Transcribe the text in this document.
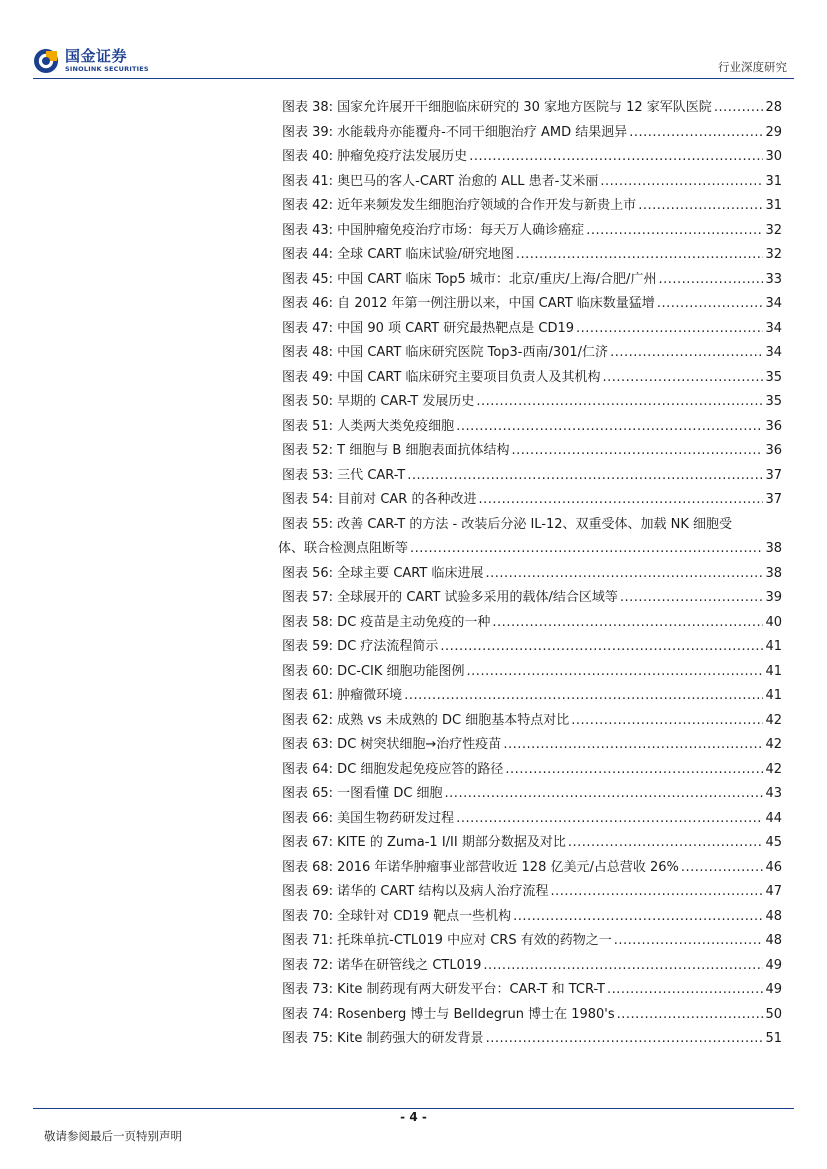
国金证券
SINOLINK SECURITIES	行业深度研究
图表 38: 国家允许展开干细胞临床研究的 30 家地方医院与 12 家军队医院 .....	28
图表 39: 水能载舟亦能覆舟-不同干细胞治疗 AMD 结果迥异 .....	29
图表 40: 肿瘤免疫疗法发展历史 .....	30
图表 41: 奥巴马的客人-CART 治愈的 ALL 患者-艾米丽 .....	31
图表 42: 近年来频发发生细胞治疗领域的合作开发与新贵上市 .....	31
图表 43: 中国肿瘤免疫治疗市场：每天万人确诊癌症 .....	32
图表 44: 全球 CART 临床试验/研究地图 .....	32
图表 45: 中国 CART 临床 Top5 城市：北京/重庆/上海/合肥/广州 .....	33
图表 46: 自 2012 年第一例注册以来，中国 CART 临床数量猛增 .....	34
图表 47: 中国 90 项 CART 研究最热靶点是 CD19 .....	34
图表 48: 中国 CART 临床研究医院 Top3-西南/301/仁济 .....	34
图表 49: 中国 CART 临床研究主要项目负责人及其机构 .....	35
图表 50: 早期的 CAR-T 发展历史 .....	35
图表 51: 人类两大类免疫细胞 .....	36
图表 52: T 细胞与 B 细胞表面抗体结构 .....	36
图表 53: 三代 CAR-T .....	37
图表 54: 目前对 CAR 的各种改进 .....	37
图表 55: 改善 CAR-T 的方法 - 改装后分泌 IL-12、双重受体、加载 NK 细胞受
体、联合检测点阻断等 .....	38
图表 56: 全球主要 CART 临床进展 .....	38
图表 57: 全球展开的 CART 试验多采用的载体/结合区域等 .....	39
图表 58: DC 疫苗是主动免疫的一种 .....	40
图表 59: DC 疗法流程简示 .....	41
图表 60: DC-CIK 细胞功能图例 .....	41
图表 61: 肿瘤微环境 .....	41
图表 62: 成熟 vs 未成熟的 DC 细胞基本特点对比 .....	42
图表 63: DC 树突状细胞→治疗性疫苗 .....	42
图表 64: DC 细胞发起免疫应答的路径 .....	42
图表 65: 一图看懂 DC 细胞 .....	43
图表 66: 美国生物药研发过程 .....	44
图表 67: KITE 的 Zuma-1 I/II 期部分数据及对比 .....	45
图表 68: 2016 年诺华肿瘤事业部营收近 128 亿美元/占总营收 26% .....	46
图表 69: 诺华的 CART 结构以及病人治疗流程 .....	47
图表 70: 全球针对 CD19 靶点一些机构 .....	48
图表 71: 托珠单抗-CTL019 中应对 CRS 有效的药物之一 .....	48
图表 72: 诺华在研管线之 CTL019 .....	49
图表 73: Kite 制药现有两大研发平台：CAR-T 和 TCR-T .....	49
图表 74: Rosenberg 博士与 Belldegrun 博士在 1980's .....	50
图表 75: Kite 制药强大的研发背景 .....	51
- 4 -
敬请参阅最后一页特别声明
